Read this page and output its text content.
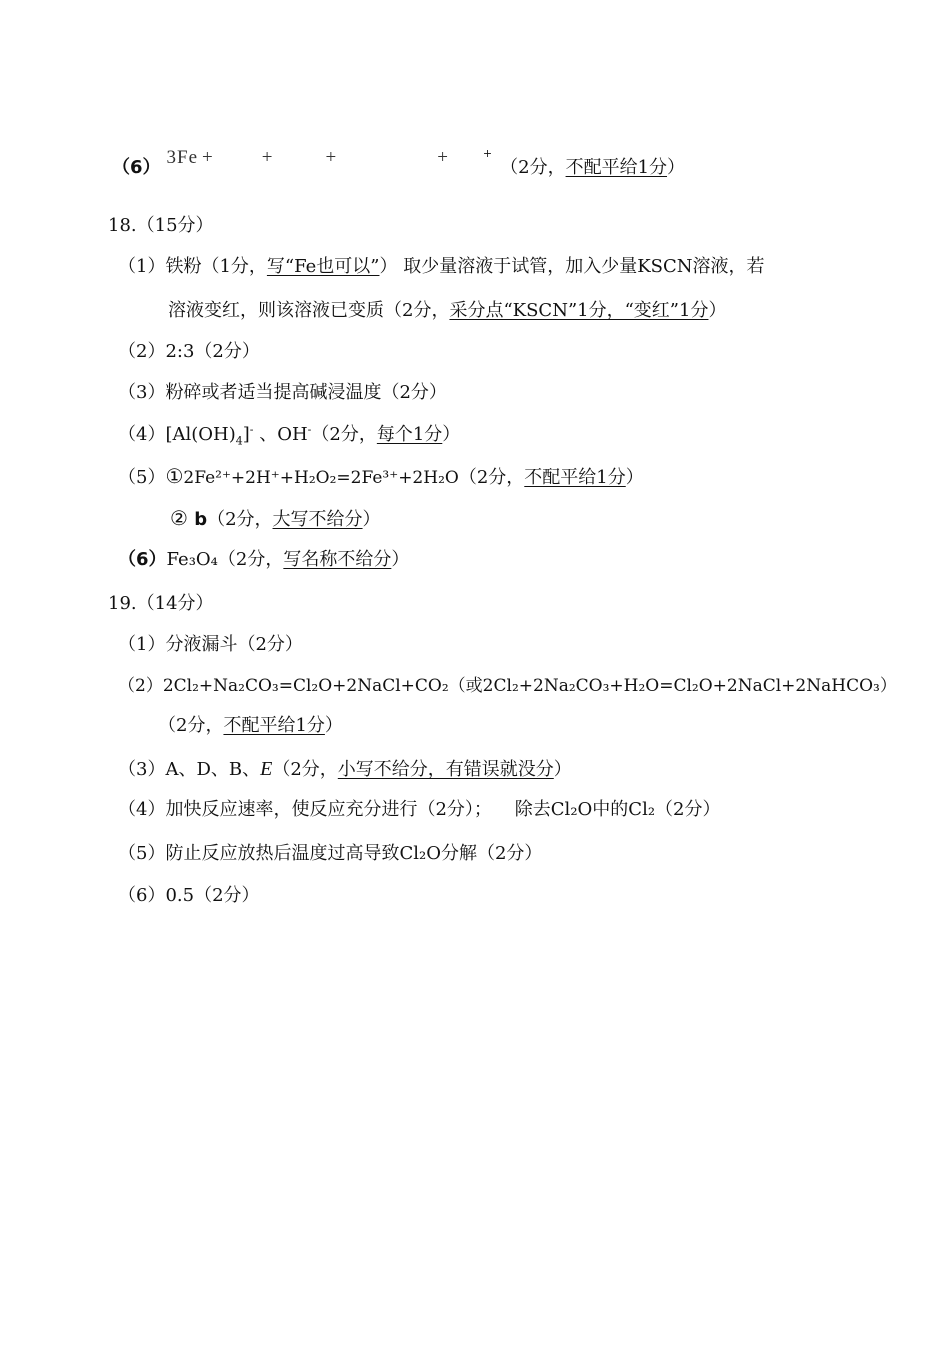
（6） 3Fe +	+	+	+	+（2分，不配平给1分）
18.（15分）
（1）铁粉（1分，写“Fe也可以”） 取少量溶液于试管，加入少量KSCN溶液，若
溶液变红，则该溶液已变质（2分，采分点“KSCN”1分，“变红”1分）
（2）2:3（2分）
（3）粉碎或者适当提高碱浸温度（2分）
$(4)[Al(OH)_4]^-$ 、OH-（2分，每个1分）
（5）①2Fe²⁺+2H⁺+H₂O₂=2Fe³⁺+2H₂O（2分，不配平给1分）
② b（2分，大写不给分）
（6）Fe₃O₄（2分，写名称不给分）
19.（14分）
（1）分液漏斗（2分）
（2）2Cl₂+Na₂CO₃=Cl₂O+2NaCl+CO₂（或2Cl₂+2Na₂CO₃+H₂O=Cl₂O+2NaCl+2NaHCO₃）
（2分，不配平给1分）
（3）A、D、B、E（2分，小写不给分，有错误就没分）
（4）加快反应速率，使反应充分进行（2分）；    除去Cl₂O中的Cl₂（2分）
（5）防止反应放热后温度过高导致Cl₂O分解（2分）
（6）0.5（2分）
